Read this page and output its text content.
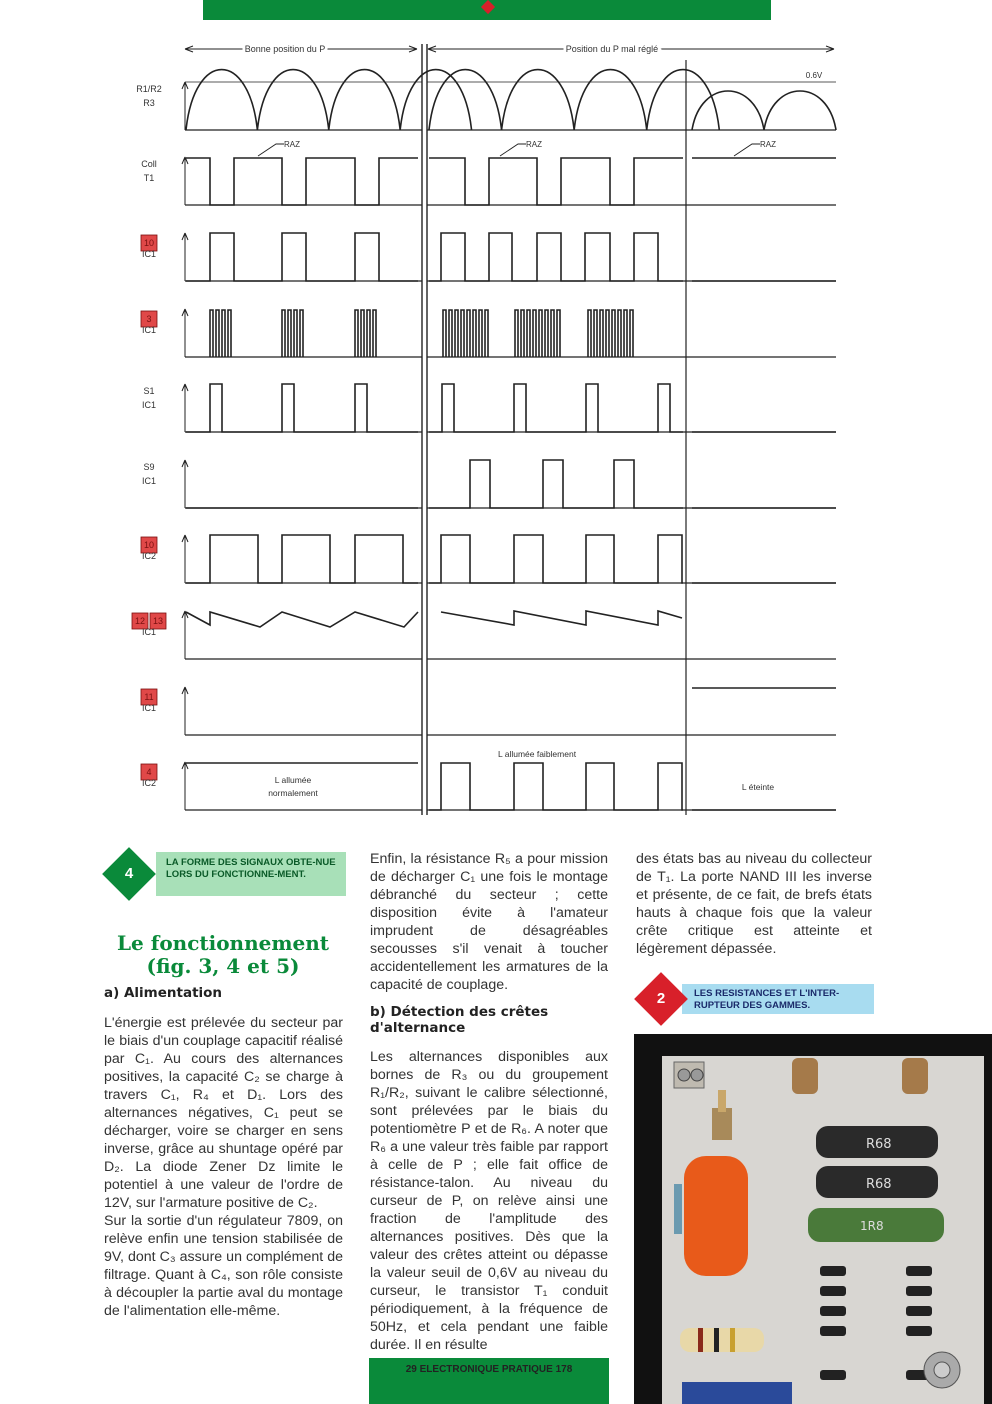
Bonne position du P	Position du P mal réglé
R1/R2
R3
Coll
T1
10
IC1
3
IC1
S1
IC1
S9
IC1
10
IC2
12 13
IC1
11
IC1
4
IC2
0.6V
RAZ	RAZ	RAZ
L allumée
normalement
L allumée faiblement
L éteinte
4
LA FORME DES SIGNAUX OBTE-NUE LORS DU FONCTIONNE-MENT.
Le fonctionnement
(fig. 3, 4 et 5)
a) Alimentation

L'énergie est prélevée du secteur par le biais d'un couplage capacitif réalisé par C₁. Au cours des alternances positives, la capacité C₂ se charge à travers C₁, R₄ et D₁. Lors des alternances négatives, C₁ peut se décharger, voire se charger en sens inverse, grâce au shuntage opéré par D₂. La diode Zener Dz limite le potentiel à une valeur de l'ordre de 12V, sur l'armature positive de C₂.

Sur la sortie d'un régulateur 7809, on relève enfin une tension stabilisée de 9V, dont C₃ assure un complément de filtrage. Quant à C₄, son rôle consiste à découpler la partie aval du montage de l'alimentation elle-même.

Enfin, la résistance R₅ a pour mission de décharger C₁ une fois le montage débranché du secteur ; cette disposition évite à l'amateur imprudent de désagréables secousses s'il venait à toucher accidentellement les armatures de la capacité de couplage.

b) Détection des crêtes d'alternance

Les alternances disponibles aux bornes de R₃ ou du groupement R₁/R₂, suivant le calibre sélectionné, sont prélevées par le biais du potentiomètre P et de R₆. A noter que R₆ a une valeur très faible par rapport à celle de P ; elle fait office de résistance-talon. Au niveau du curseur de P, on relève ainsi une fraction de l'amplitude des alternances positives. Dès que la valeur des crêtes atteint ou dépasse la valeur seuil de 0,6V au niveau du curseur, le transistor T₁ conduit périodiquement, à la fréquence de 50Hz, et cela pendant une faible durée. Il en résulte

des états bas au niveau du collecteur de T₁. La porte NAND III les inverse et présente, de ce fait, de brefs états hauts à chaque fois que la valeur crête critique est atteinte et légèrement dépassée.

2	LES RESISTANCES ET L'INTER-RUPTEUR DES GAMMES.
R68
R68
1R8
29 ELECTRONIQUE PRATIQUE 178
